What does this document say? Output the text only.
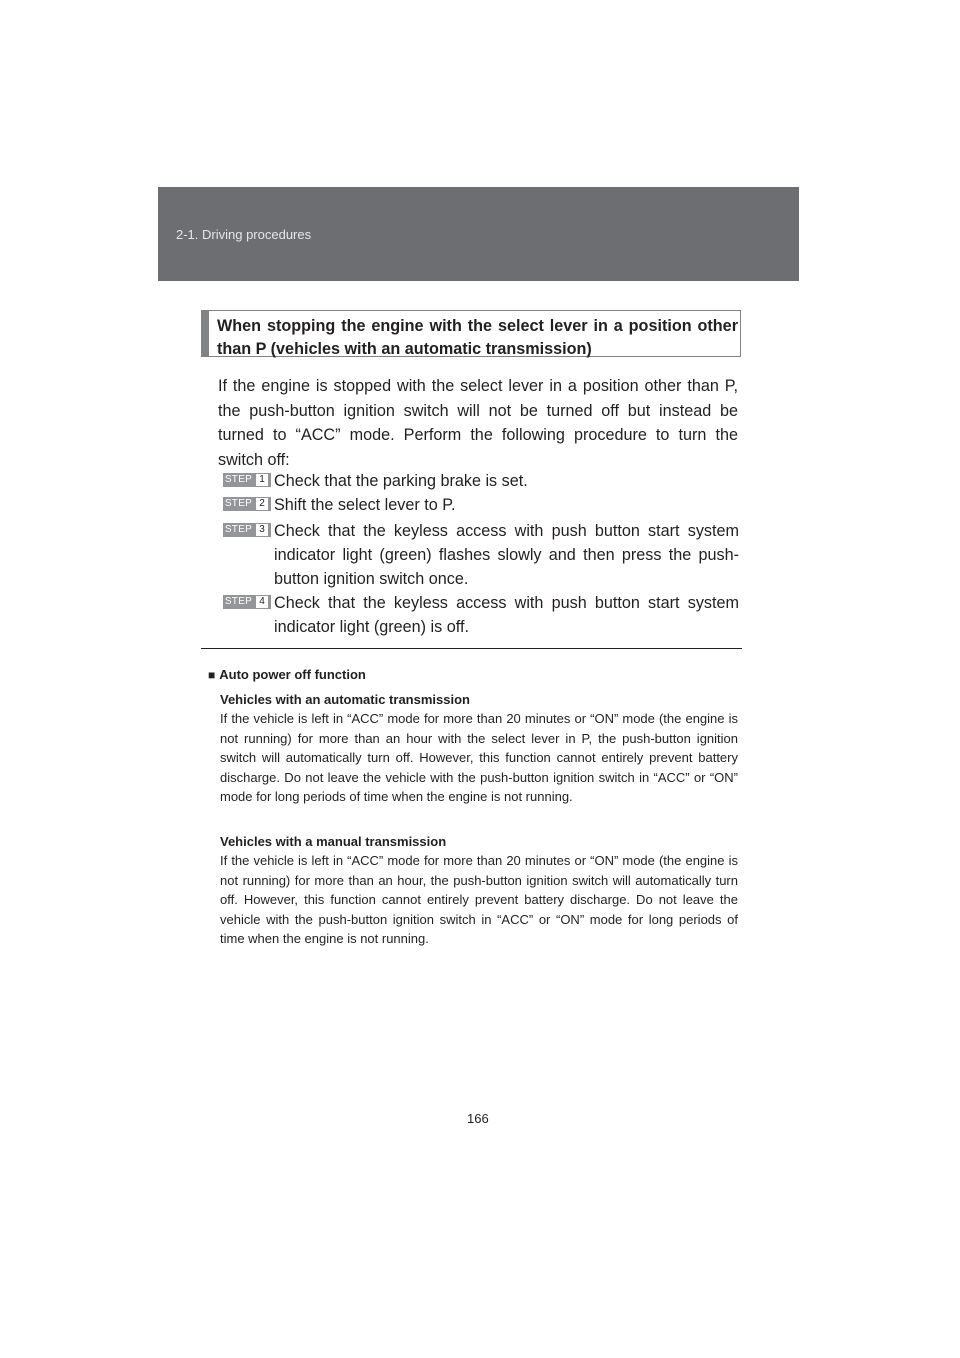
2-1. Driving procedures
When stopping the engine with the select lever in a position other than P (vehicles with an automatic transmission)
If the engine is stopped with the select lever in a position other than P, the push-button ignition switch will not be turned off but instead be turned to “ACC” mode. Perform the following procedure to turn the switch off:
STEP 1 Check that the parking brake is set.
STEP 2 Shift the select lever to P.
STEP 3 Check that the keyless access with push button start system indicator light (green) flashes slowly and then press the push-button ignition switch once.
STEP 4 Check that the keyless access with push button start system indicator light (green) is off.
■ Auto power off function
Vehicles with an automatic transmission
If the vehicle is left in “ACC” mode for more than 20 minutes or “ON” mode (the engine is not running) for more than an hour with the select lever in P, the push-button ignition switch will automatically turn off. However, this function cannot entirely prevent battery discharge. Do not leave the vehicle with the push-button ignition switch in “ACC” or “ON” mode for long periods of time when the engine is not running.
Vehicles with a manual transmission
If the vehicle is left in “ACC” mode for more than 20 minutes or “ON” mode (the engine is not running) for more than an hour, the push-button ignition switch will automatically turn off. However, this function cannot entirely prevent battery discharge. Do not leave the vehicle with the push-button ignition switch in “ACC” or “ON” mode for long periods of time when the engine is not running.
166
